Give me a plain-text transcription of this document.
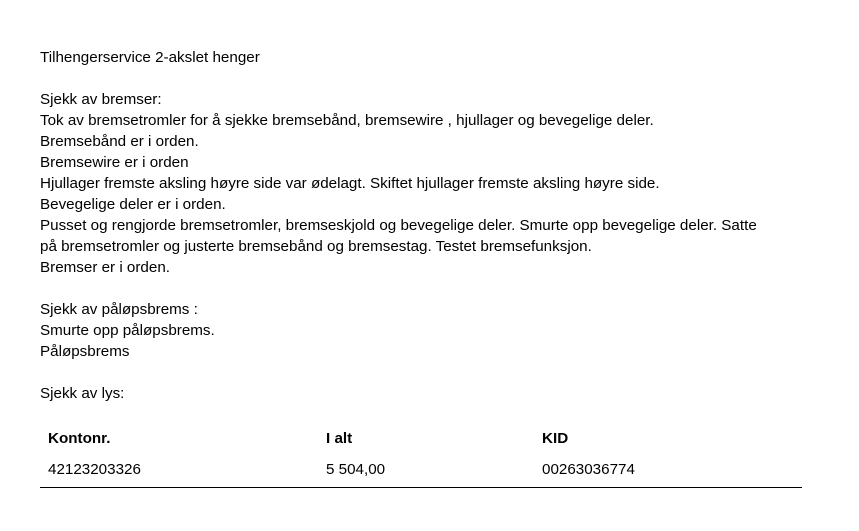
Tilhengerservice 2-akslet henger
Sjekk av bremser:
Tok av bremsetromler for å sjekke bremsebånd, bremsewire , hjullager og bevegelige deler.
Bremsebånd er i orden.
Bremsewire er i orden
Hjullager fremste aksling høyre side var ødelagt. Skiftet hjullager fremste aksling høyre side.
Bevegelige deler er i orden.
Pusset og rengjorde bremsetromler, bremseskjold og bevegelige deler. Smurte opp bevegelige deler. Satte
på bremsetromler og justerte bremsebånd og bremsestag. Testet bremsefunksjon.
Bremser er i orden.
Sjekk av påløpsbrems :
Smurte opp påløpsbrems.
Påløpsbrems
Sjekk av lys:
Kontonr.	I alt	KID
42123203326	5 504,00	00263036774
